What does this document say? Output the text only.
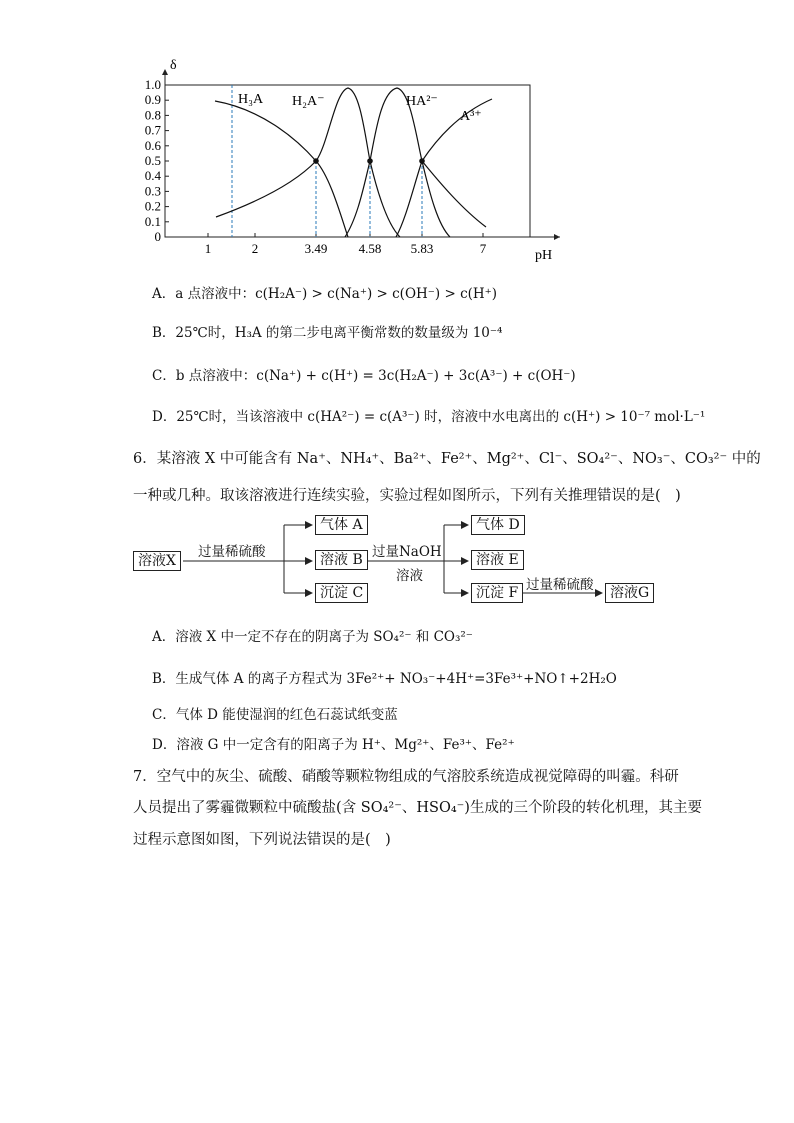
1.0
0.9
0.8
0.7
0.6
0.5
0.4
0.3
0.2
0.1
0
1	2	3.49 4.58 5.83	7
δ
pH
H₃A H₂A⁻	HA²⁻
A³⁺
A．a 点溶液中：c(H₂A⁻) > c(Na⁺) > c(OH⁻) > c(H⁺)
B．25℃时，H₃A 的第二步电离平衡常数的数量级为 10⁻⁴
C．b 点溶液中：c(Na⁺) + c(H⁺) = 3c(H₂A⁻) + 3c(A³⁻) + c(OH⁻)
D．25℃时，当该溶液中 c(HA²⁻) = c(A³⁻) 时，溶液中水电离出的 c(H⁺) > 10⁻⁷ mol·L⁻¹
6．某溶液 X 中可能含有 Na⁺、NH₄⁺、Ba²⁺、Fe²⁺、Mg²⁺、Cl⁻、SO₄²⁻、NO₃⁻、CO₃²⁻ 中的
一种或几种。取该溶液进行连续实验，实验过程如图所示，下列有关推理错误的是(　)
溶液X
过量稀硫酸
气体 A
溶液 B
沉淀 C
过量NaOH
溶液
气体 D
溶液 E
沉淀 F 过量稀硫酸	溶液G
A．溶液 X 中一定不存在的阴离子为 SO₄²⁻ 和 CO₃²⁻
B．生成气体 A 的离子方程式为 3Fe²⁺+ NO₃⁻+4H⁺=3Fe³⁺+NO↑+2H₂O
C．气体 D 能使湿润的红色石蕊试纸变蓝
D．溶液 G 中一定含有的阳离子为 H⁺、Mg²⁺、Fe³⁺、Fe²⁺
7．空气中的灰尘、硫酸、硝酸等颗粒物组成的气溶胶系统造成视觉障碍的叫霾。科研
人员提出了雾霾微颗粒中硫酸盐(含 SO₄²⁻、HSO₄⁻)生成的三个阶段的转化机理，其主要
过程示意图如图，下列说法错误的是(　)
